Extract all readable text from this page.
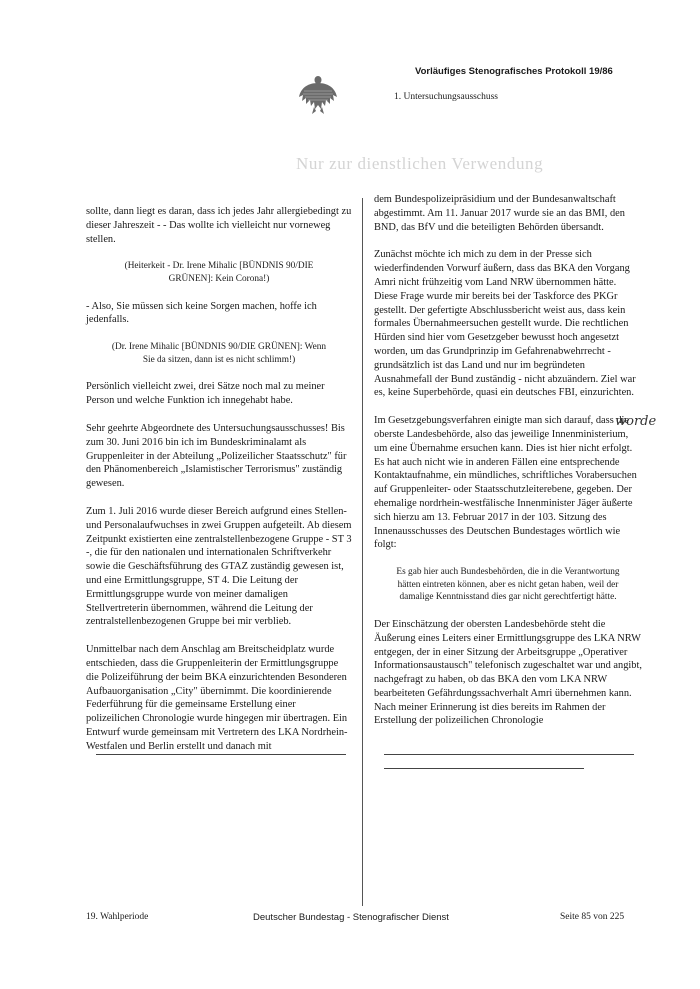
Vorläufiges Stenografisches Protokoll 19/86
1. Untersuchungsausschuss
Nur zur dienstlichen Verwendung

sollte, dann liegt es daran, dass ich jedes Jahr allergiebedingt zu dieser Jahreszeit - - Das wollte ich vielleicht nur vorneweg stellen.

(Heiterkeit - Dr. Irene Mihalic [BÜNDNIS 90/DIE GRÜNEN]: Kein Corona!)

- Also, Sie müssen sich keine Sorgen machen, hoffe ich jedenfalls.

(Dr. Irene Mihalic [BÜNDNIS 90/DIE GRÜNEN]: Wenn Sie da sitzen, dann ist es nicht schlimm!)

Persönlich vielleicht zwei, drei Sätze noch mal zu meiner Person und welche Funktion ich innegehabt habe.

Sehr geehrte Abgeordnete des Untersuchungsausschusses! Bis zum 30. Juni 2016 bin ich im Bundeskriminalamt als Gruppenleiter in der Abteilung „Polizeilicher Staatsschutz" für den Phänomenbereich „Islamistischer Terrorismus" zuständig gewesen.

Zum 1. Juli 2016 wurde dieser Bereich aufgrund eines Stellen- und Personalaufwuchses in zwei Gruppen aufgeteilt. Ab diesem Zeitpunkt existierten eine zentralstellenbezogene Gruppe - ST 3 -, die für den nationalen und internationalen Schriftverkehr sowie die Geschäftsführung des GTAZ zuständig gewesen ist, und eine Ermittlungsgruppe, ST 4. Die Leitung der Ermittlungsgruppe wurde von meiner damaligen Stellvertreterin übernommen, während die Leitung der zentralstellenbezogenen Gruppe bei mir verblieb.

Unmittelbar nach dem Anschlag am Breitscheidplatz wurde entschieden, dass die Gruppenleiterin der Ermittlungsgruppe die Polizeiführung der beim BKA einzurichtenden Besonderen Aufbauorganisation „City" übernimmt. Die koordinierende Federführung für die gemeinsame Erstellung einer polizeilichen Chronologie wurde hingegen mir übertragen. Ein Entwurf wurde gemeinsam mit Vertretern des LKA Nordrhein-Westfalen und Berlin erstellt und danach mit

dem Bundespolizeipräsidium und der Bundesanwaltschaft abgestimmt. Am 11. Januar 2017 wurde sie an das BMI, den BND, das BfV und die beteiligten Behörden übersandt.

Zunächst möchte ich mich zu dem in der Presse sich wiederfindenden Vorwurf äußern, dass das BKA den Vorgang Amri nicht frühzeitig vom Land NRW übernommen hätte. Diese Frage wurde mir bereits bei der Taskforce des PKGr gestellt. Der gefertigte Abschlussbericht weist aus, dass kein formales Übernahmeersuchen gestellt wurde. Die rechtlichen Hürden sind hier vom Gesetzgeber bewusst hoch angesetzt worden, um das Grundprinzip im Gefahrenabwehrrecht - grundsätzlich ist das Land und nur im begründeten Ausnahmefall der Bund zuständig - nicht abzuändern. Ziel war es, keine Superbehörde, quasi ein deutsches FBI, einzurichten.

Im Gesetzgebungsverfahren einigte man sich darauf, dass die oberste Landesbehörde, also das jeweilige Innenministerium, um eine Übernahme ersuchen kann. Dies ist hier nicht erfolgt. Es hat auch nicht wie in anderen Fällen eine entsprechende Kontaktaufnahme, ein mündliches, schriftliches Vorabersuchen auf Gruppenleiter- oder Staatsschutzleiterebene, gegeben. Der ehemalige nordrhein-westfälische Innenminister Jäger äußerte sich hierzu am 13. Februar 2017 in der 103. Sitzung des Innenausschusses des Deutschen Bundestages wörtlich wie folgt:

Es gab hier auch Bundesbehörden, die in die Verantwortung hätten eintreten können, aber es nicht getan haben, weil der damalige Kenntnisstand dies gar nicht gerechtfertigt hätte.

Der Einschätzung der obersten Landesbehörde steht die Äußerung eines Leiters einer Ermittlungsgruppe des LKA NRW entgegen, der in einer Sitzung der Arbeitsgruppe „Operativer Informationsaustausch" telefonisch zugeschaltet war und angibt, nachgefragt zu haben, ob das BKA den vom LKA NRW bearbeiteten Gefährdungssachverhalt Amri übernehmen kann. Nach meiner Erinnerung ist dies bereits im Rahmen der Erstellung der polizeilichen Chronologie

worde
19. Wahlperiode	Deutscher Bundestag - Stenografischer Dienst	Seite 85 von 225
